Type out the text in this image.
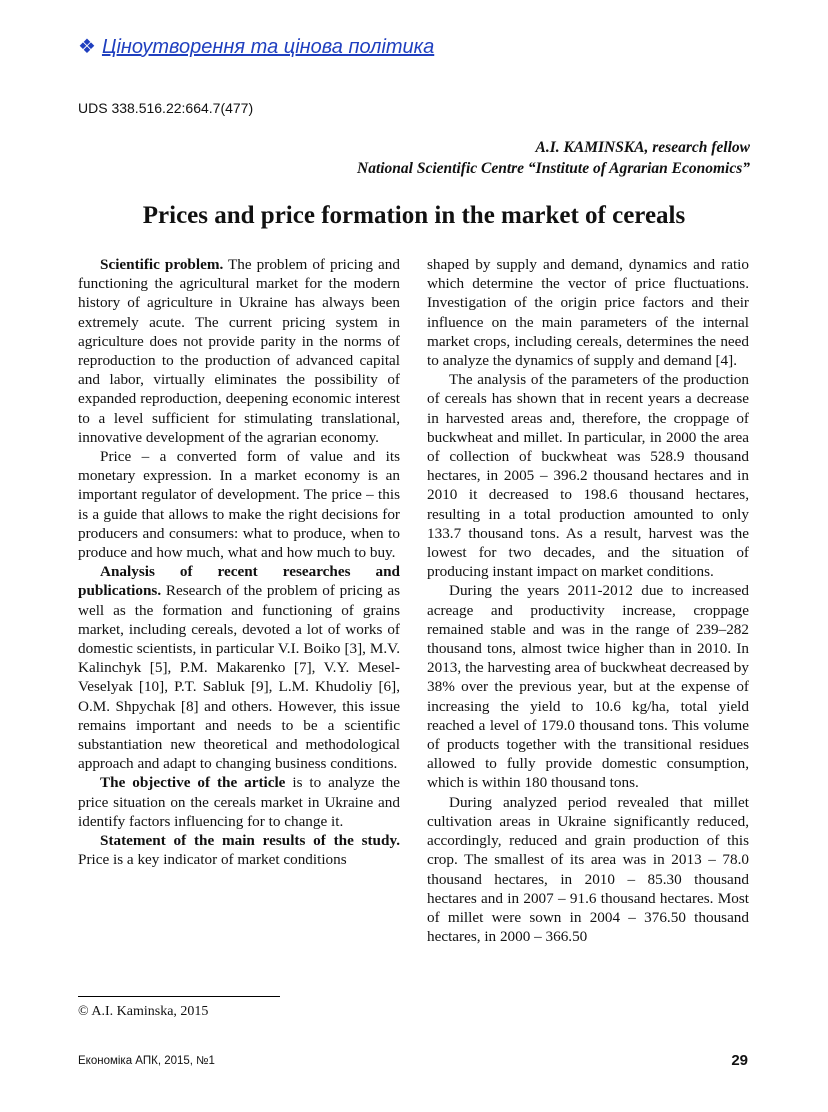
❖ Ціноутворення та цінова політика
UDS 338.516.22:664.7(477)
A.I. KAMINSKA, research fellow
National Scientific Centre “Institute of Agrarian Economics”
Prices and price formation in the market of cereals

Scientific problem. The problem of pricing and functioning the agricultural market for the modern history of agriculture in Ukraine has always been extremely acute. The current pricing system in agriculture does not provide parity in the norms of reproduction to the production of advanced capital and labor, virtually eliminates the possibility of expanded reproduction, deepening economic interest to a level sufficient for stimulating translational, innovative development of the agrarian economy.

Price – a converted form of value and its monetary expression. In a market economy is an important regulator of development. The price – this is a guide that allows to make the right decisions for producers and consumers: what to produce, when to produce and how much, what and how much to buy.

Analysis of recent researches and publications. Research of the problem of pricing as well as the formation and functioning of grains market, including cereals, devoted a lot of works of domestic scientists, in particular V.I. Boiko [3], M.V. Kalinchyk [5], P.M. Makarenko [7], V.Y. Mesel-Veselyak [10], P.T. Sabluk [9], L.M. Khudoliy [6], O.M. Shpychak [8] and others. However, this issue remains important and needs to be a scientific substantiation new theoretical and methodological approach and adapt to changing business conditions.

The objective of the article is to analyze the price situation on the cereals market in Ukraine and identify factors influencing for to change it.

Statement of the main results of the study. Price is a key indicator of market conditions

shaped by supply and demand, dynamics and ratio which determine the vector of price fluctuations. Investigation of the origin price factors and their influence on the main parameters of the internal market crops, including cereals, determines the need to analyze the dynamics of supply and demand [4].

The analysis of the parameters of the production of cereals has shown that in recent years a decrease in harvested areas and, therefore, the croppage of buckwheat and millet. In particular, in 2000 the area of collection of buckwheat was 528.9 thousand hectares, in 2005 – 396.2 thousand hectares and in 2010 it decreased to 198.6 thousand hectares, resulting in a total production amounted to only 133.7 thousand tons. As a result, harvest was the lowest for two decades, and the situation of producing instant impact on market conditions.

During the years 2011-2012 due to increased acreage and productivity increase, croppage remained stable and was in the range of 239–282 thousand tons, almost twice higher than in 2010. In 2013, the harvesting area of buckwheat decreased by 38% over the previous year, but at the expense of increasing the yield to 10.6 kg/ha, total yield reached a level of 179.0 thousand tons. This volume of products together with the transitional residues allowed to fully provide domestic consumption, which is within 180 thousand tons.

During analyzed period revealed that millet cultivation areas in Ukraine significantly reduced, accordingly, reduced and grain production of this crop. The smallest of its area was in 2013 – 78.0 thousand hectares, in 2010 – 85.30 thousand hectares and in 2007 – 91.6 thousand hectares. Most of millet were sown in 2004 – 376.50 thousand hectares, in 2000 – 366.50

© A.I. Kaminska, 2015
Економіка АПК, 2015, №1	29
